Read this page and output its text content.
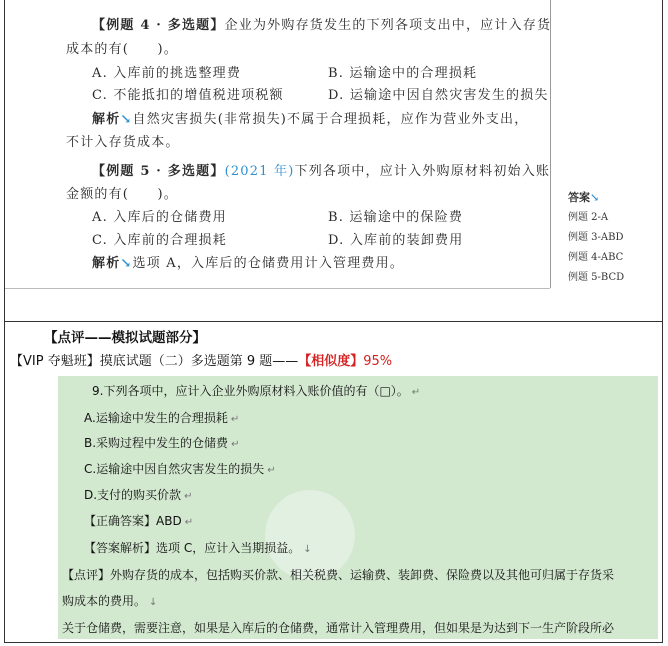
【例题 4 · 多选题】企业为外购存货发生的下列各项支出中，应计入存货
成本的有(　　)。
A. 入库前的挑选整理费	B. 运输途中的合理损耗
C. 不能抵扣的增值税进项税额	D. 运输途中因自然灾害发生的损失
解析↘自然灾害损失(非常损失)不属于合理损耗，应作为营业外支出，
不计入存货成本。
【例题 5 · 多选题】(2021 年)下列各项中，应计入外购原材料初始入账
金额的有(　　)。
A. 入库后的仓储费用	B. 运输途中的保险费
C. 入库前的合理损耗	D. 入库前的装卸费用
解析↘选项 A，入库后的仓储费用计入管理费用。
答案↘
例题 2-A
例题 3-ABD
例题 4-ABC
例题 5-BCD
【点评——模拟试题部分】
【VIP 夺魁班】摸底试题（二）多选题第 9 题——【相似度】95%
9.下列各项中，应计入企业外购原材料入账价值的有（□）。 ↵
A.运输途中发生的合理损耗 ↵
B.采购过程中发生的仓储费 ↵
C.运输途中因自然灾害发生的损失 ↵
D.支付的购买价款 ↵
【正确答案】ABD ↵
【答案解析】选项 C，应计入当期损益。 ↓
【点评】外购存货的成本，包括购买价款、相关税费、运输费、装卸费、保险费以及其他可归属于存货采
购成本的费用。 ↓
关于仓储费，需要注意，如果是入库后的仓储费，通常计入管理费用，但如果是为达到下一生产阶段所必
